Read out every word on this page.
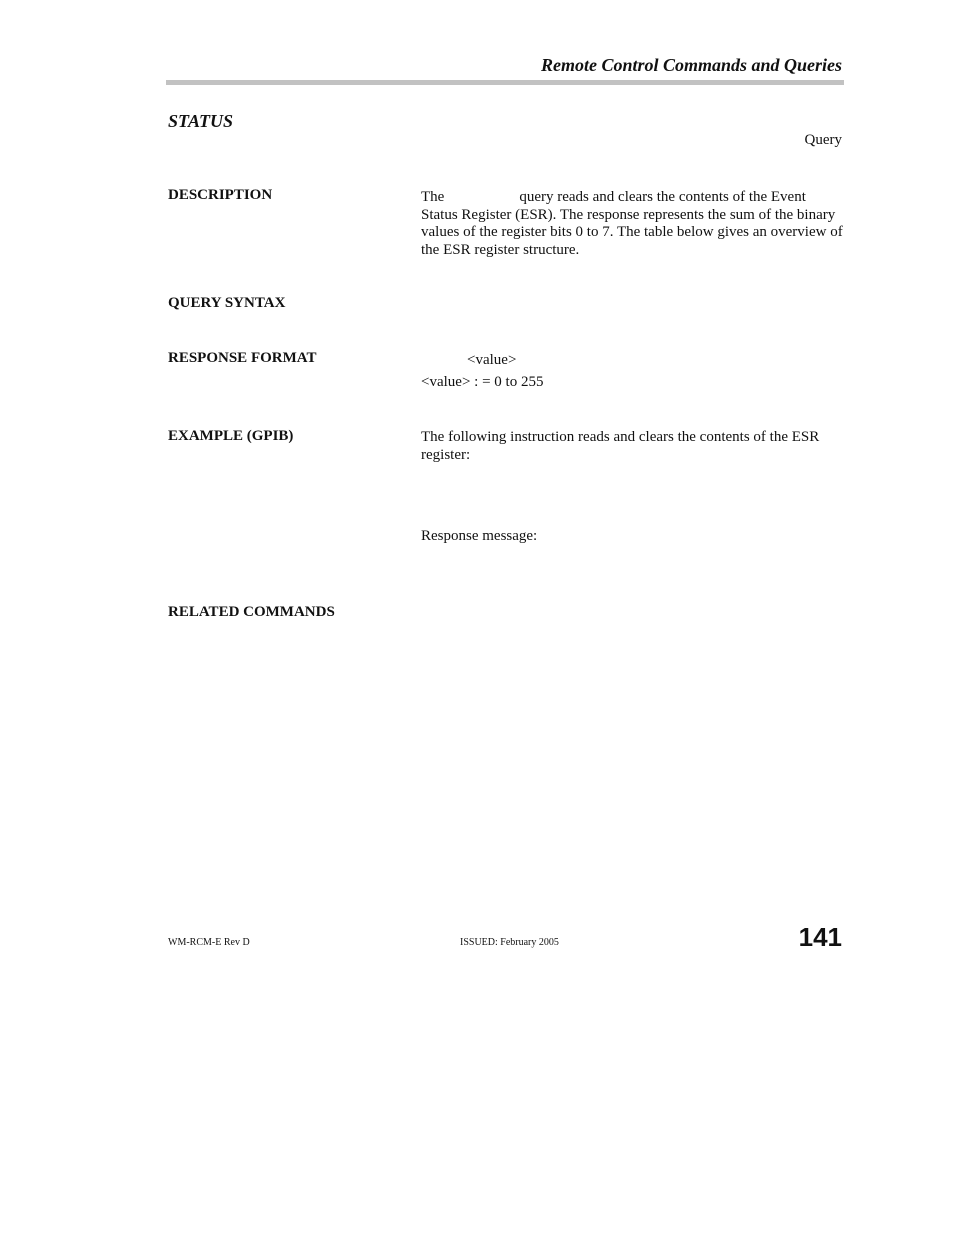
Remote Control Commands and Queries
STATUS
Query
DESCRIPTION	The	query reads and clears the contents of the Event Status Register (ESR). The response represents the sum of the binary values of the register bits 0 to 7. The table below gives an overview of the ESR register structure.
QUERY SYNTAX
RESPONSE FORMAT	<value>
<value> : = 0 to 255
EXAMPLE (GPIB)	The following instruction reads and clears the contents of the ESR register:
Response message:
RELATED COMMANDS
WM-RCM-E Rev D	ISSUED: February 2005	141
